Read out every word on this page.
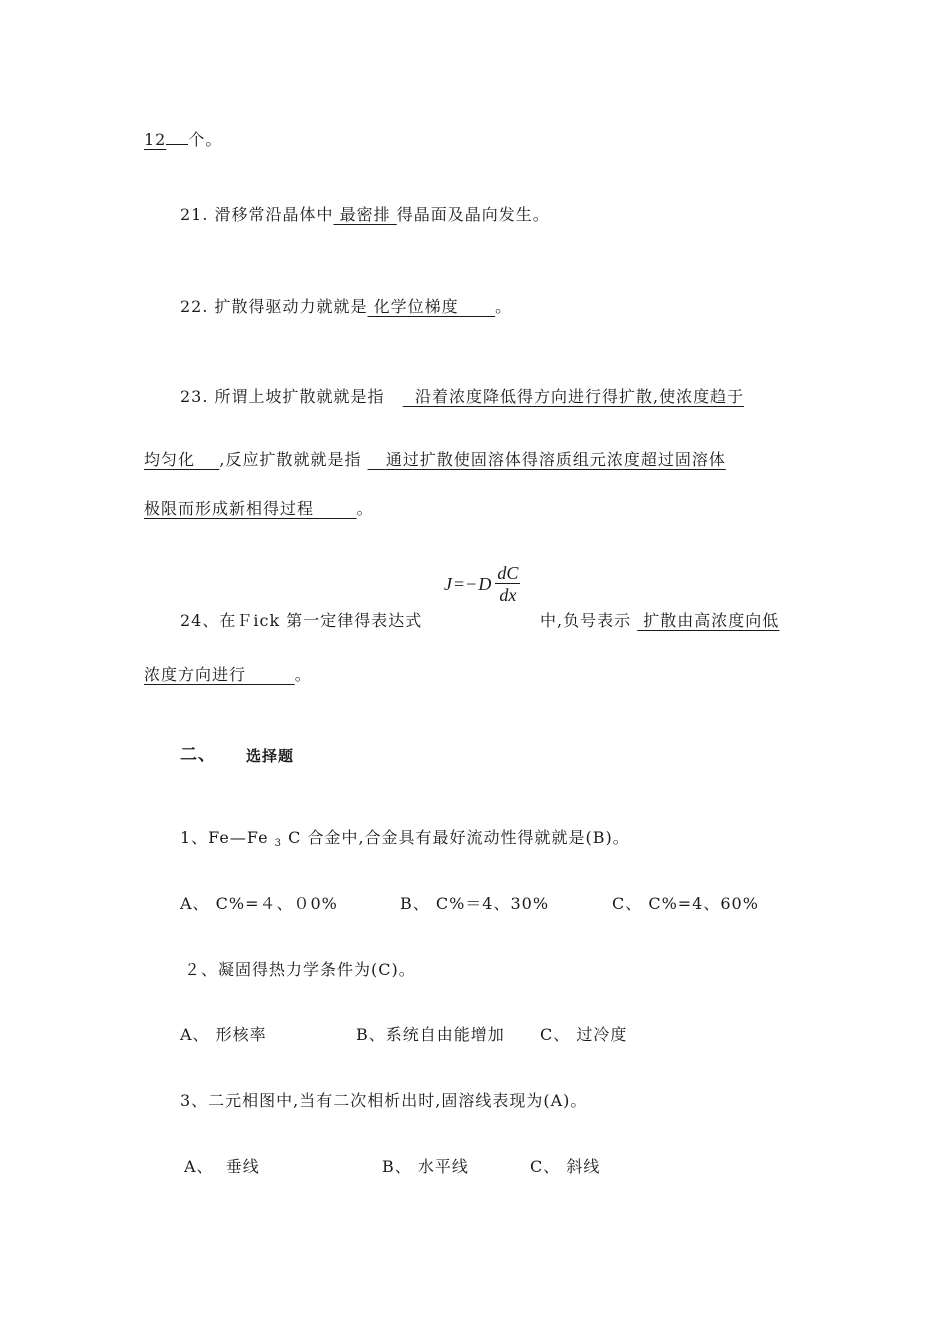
12 个。
21. 滑移常沿晶体中 最密排 得晶面及晶向发生。
22. 扩散得驱动力就就是 化学位梯度 。
23. 所谓上坡扩散就就是指 沿着浓度降低得方向进行得扩散,使浓度趋于
均匀化 ,反应扩散就就是指 通过扩散使固溶体得溶质组元浓度超过固溶体
极限而形成新相得过程	。
J = − D $\frac{dC}{dx}$
24、在Ｆick 第一定律得表达式	中,负号表示 扩散由高浓度向低
浓度方向进行	。
二、 选择题
1、Fe—Fe $_3$ C 合金中,合金具有最好流动性得就就是(B)。
A、 C%=４、０0%	B、 C%＝4、30%	C、 C%=4、60%
２、凝固得热力学条件为(C)。
A、 形核率	B、系统自由能增加 C、 过冷度
3、二元相图中,当有二次相析出时,固溶线表现为(A)。
A、  垂线	B、 水平线	C、 斜线
